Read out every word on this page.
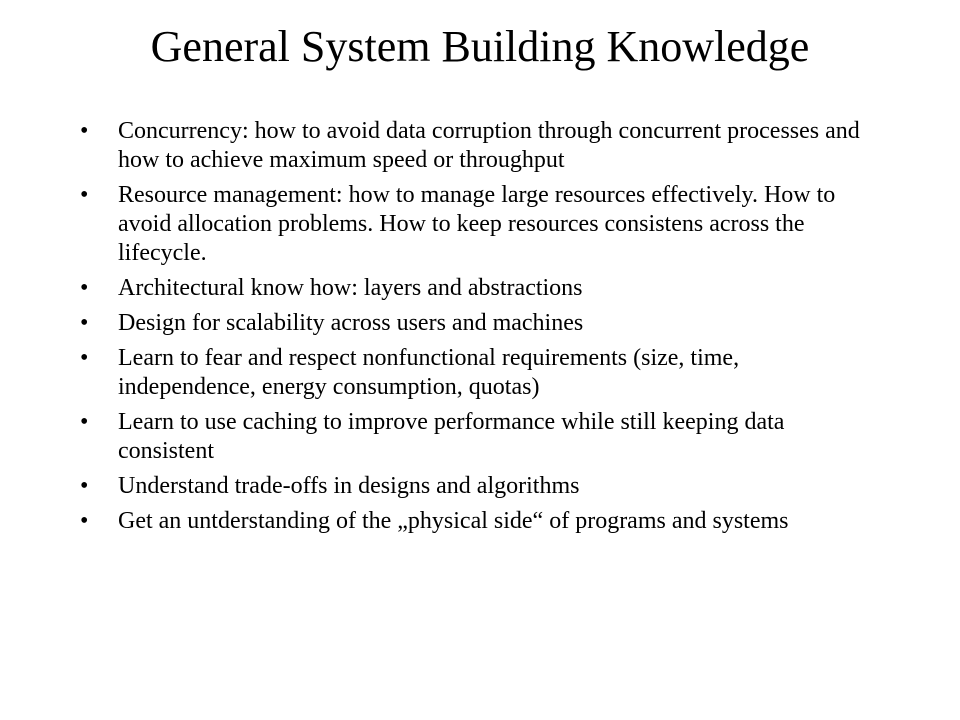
General System Building Knowledge
•	Concurrency: how to avoid data corruption through concurrent processes and how to achieve maximum speed or throughput
•	Resource management: how to manage large resources effectively. How to avoid allocation problems. How to keep resources consistens across the lifecycle.
•	Architectural know how: layers and abstractions
•	Design for scalability across users and machines
•	Learn to fear and respect nonfunctional requirements (size, time, independence, energy consumption, quotas)
•	Learn to use caching to improve performance while still keeping data consistent
•	Understand trade-offs in designs and algorithms
•	Get an untderstanding of the „physical side“ of programs and systems
